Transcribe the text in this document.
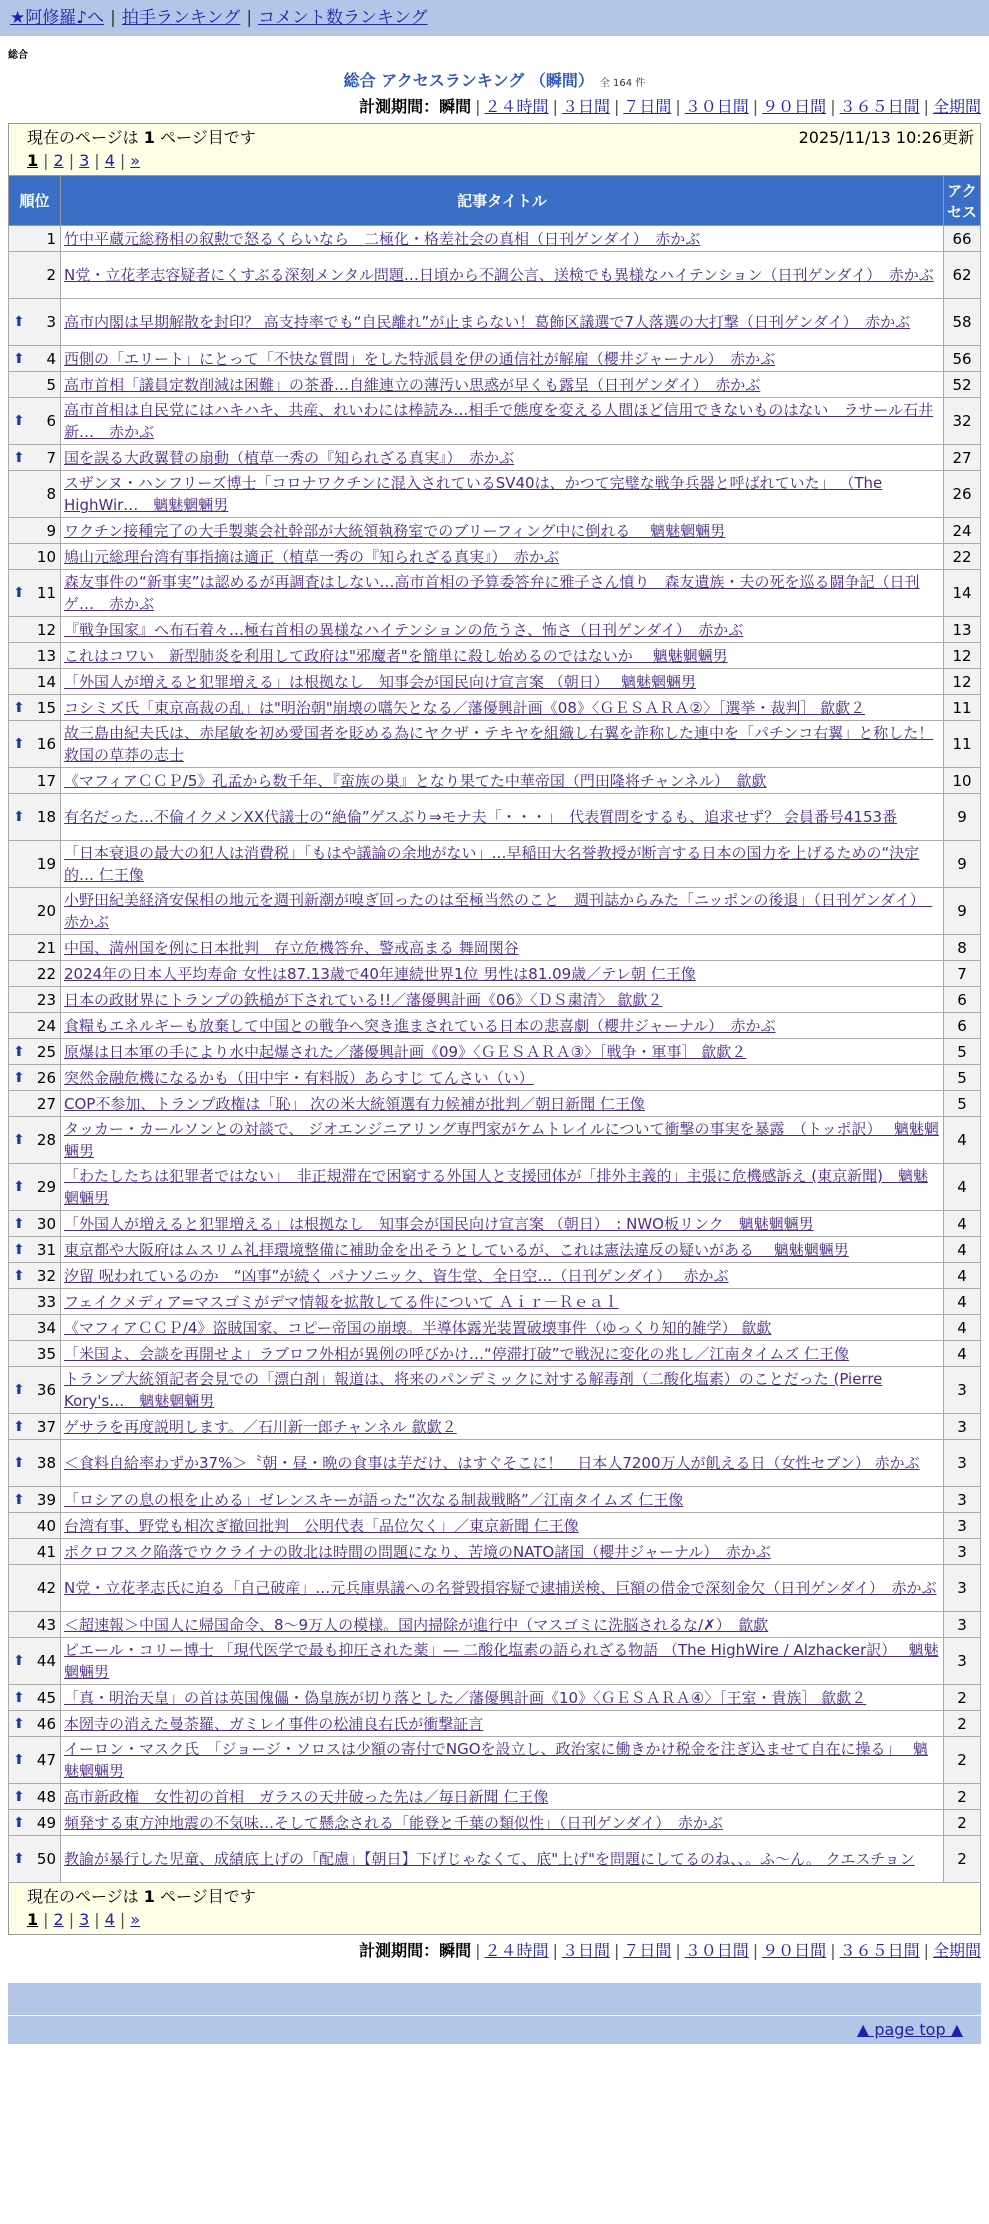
★阿修羅♪へ | 拍手ランキング | コメント数ランキング
総合
総合 アクセスランキング （瞬間） 全 164 件
計測期間：瞬間 | ２４時間 | ３日間 | ７日間 | ３０日間 | ９０日間 | ３６５日間 | 全期間
現在のページは 1 ページ目です	2025/11/13 10:26更新
1 | 2 | 3 | 4 | »
順位	記事タイトル	アクセス
1	竹中平蔵元総務相の叙勲で怒るくらいなら　二極化・格差社会の真相（日刊ゲンダイ）　赤かぶ	66
2	N党・立花孝志容疑者にくすぶる深刻メンタル問題…日頃から不調公言、送検でも異様なハイテンション（日刊ゲンダイ）　赤かぶ	62

⬆ 3	高市内閣は早期解散を封印？ 高支持率でも“自民離れ”が止まらない！葛飾区議選で7人落選の大打撃（日刊ゲンダイ）　赤かぶ	58

⬆ 4	西側の「エリート」にとって「不快な質問」をした特派員を伊の通信社が解雇（櫻井ジャーナル）　赤かぶ	56
5	高市首相「議員定数削減は困難」の茶番…自維連立の薄汚い思惑が早くも露呈（日刊ゲンダイ）　赤かぶ	52

⬆ 6	高市首相は自民党にはハキハキ、共産、れいわには棒読み…相手で態度を変える人間ほど信用できないものはない　ラサール石井 新…　赤かぶ	32

⬆ 7	国を誤る大政翼賛の扇動（植草一秀の『知られざる真実』）　赤かぶ	27
8	スザンヌ・ハンフリーズ博士「コロナワクチンに混入されているSV40は、かつて完璧な戦争兵器と呼ばれていた」 （The HighWir…　魑魅魍魎男	26
9	ワクチン接種完了の大手製薬会社幹部が大統領執務室でのブリーフィング中に倒れる　 魑魅魍魎男	24
10	鳩山元総理台湾有事指摘は適正（植草一秀の『知られざる真実』）　赤かぶ	22

⬆ 11	森友事件の“新事実”は認めるが再調査はしない…高市首相の予算委答弁に雅子さん憤り　森友遺族・夫の死を巡る闘争記（日刊ゲ…　赤かぶ	14
12	『戦争国家』へ布石着々…極右首相の異様なハイテンションの危うさ、怖さ（日刊ゲンダイ）　赤かぶ	13
13	これはコワい　新型肺炎を利用して政府は"邪魔者"を簡単に殺し始めるのではないか　 魑魅魍魎男	12
14	「外国人が増えると犯罪増える」は根拠なし　知事会が国民向け宣言案 （朝日）　 魑魅魍魎男	12

⬆ 15	コシミズ氏「東京高裁の乱」は"明治朝"崩壊の嚆矢となる／藩優興計画《08》〈ＧＥＳＡＲＡ②〉［選挙・裁判］ 歙歔２	11

⬆ 16	故三島由紀夫氏は、赤尾敏を初め愛国者を貶める為にヤクザ・テキヤを組織し右翼を詐称した連中を「パチンコ右翼」と称した！ 救国の草莽の志士	11
17	《マフィアＣＣＰ/5》孔孟から数千年、『蛮族の巣』となり果てた中華帝国（門田隆将チャンネル）　歙歔	10

⬆ 18	有名だった…不倫イクメンXX代議士の“絶倫”ゲスぶり⇒モナ夫「・・・」　代表質問をするも、追求せず？ 会員番号4153番	9
19	「日本衰退の最大の犯人は消費税」「もはや議論の余地がない」…早稲田大名誉教授が断言する日本の国力を上げるための“決定的… 仁王像	9
20	小野田紀美経済安保相の地元を週刊新潮が嗅ぎ回ったのは至極当然のこと　週刊誌からみた「ニッポンの後退」（日刊ゲンダイ）　赤かぶ	9
21	中国、満州国を例に日本批判　存立危機答弁、警戒高まる 舞岡関谷	8
22	2024年の日本人平均寿命 女性は87.13歳で40年連続世界1位 男性は81.09歳／テレ朝 仁王像	7
23	日本の政財界にトランプの鉄槌が下されている!!／藩優興計画《06》〈ＤＳ粛清〉 歙歔２	6
24	食糧もエネルギーも放棄して中国との戦争へ突き進まされている日本の悲喜劇（櫻井ジャーナル）　赤かぶ	6

⬆ 25	原爆は日本軍の手により水中起爆された／藩優興計画《09》〈ＧＥＳＡＲＡ③〉［戦争・軍事］ 歙歔２	5

⬆ 26	突然金融危機になるかも（田中宇・有料版）あらすじ てんさい（い）	5
27	COP不参加、トランプ政権は「恥」 次の米大統領選有力候補が批判／朝日新聞 仁王像	5

⬆ 28	タッカー・カールソンとの対談で、 ジオエンジニアリング専門家がケムトレイルについて衝撃の事実を暴露　（トッポ訳）　 魑魅魍魎男	4

⬆ 29	「わたしたちは犯罪者ではない」　非正規滞在で困窮する外国人と支援団体が「排外主義的」主張に危機感訴え (東京新聞)　魑魅魍魎男	4

⬆ 30	「外国人が増えると犯罪増える」は根拠なし　知事会が国民向け宣言案 （朝日）　: NWO板リンク　魑魅魍魎男	4

⬆ 31	東京都や大阪府はムスリム礼拝環境整備に補助金を出そうとしているが、これは憲法違反の疑いがある　 魑魅魍魎男	4

⬆ 32	汐留 呪われているのか　“凶事”が続く パナソニック、資生堂、全日空…（日刊ゲンダイ）　 赤かぶ	4
33	フェイクメディア=マスゴミがデマ情報を拡散してる件について Ａｉｒ－Ｒｅａｌ	4
34	《マフィアＣＣＰ/4》盗賊国家、コピー帝国の崩壊。半導体露光装置破壊事件（ゆっくり知的雑学） 歙歔	4
35	「米国よ、会談を再開せよ」ラブロフ外相が異例の呼びかけ…“停滞打破”で戦況に変化の兆し／江南タイムズ 仁王像	4

⬆ 36	トランプ大統領記者会見での「漂白剤」報道は、将来のパンデミックに対する解毒剤（二酸化塩素）のことだった (Pierre Kory's…　魑魅魍魎男	3

⬆ 37	ゲサラを再度説明します。／石川新一郎チャンネル 歙歔２	3

⬆ 38	＜食料自給率わずか37%＞〝朝・昼・晩の食事は芋だけ、はすぐそこに！　日本人7200万人が飢える日（女性セブン） 赤かぶ	3

⬆ 39	「ロシアの息の根を止める」ゼレンスキーが語った“次なる制裁戦略”／江南タイムズ 仁王像	3
40	台湾有事、野党も相次ぎ撤回批判　公明代表「品位欠く」／東京新聞 仁王像	3
41	ポクロフスク陥落でウクライナの敗北は時間の問題になり、苦境のNATO諸国（櫻井ジャーナル）　赤かぶ	3
42	N党・立花孝志氏に迫る「自己破産」…元兵庫県議への名誉毀損容疑で逮捕送検、巨額の借金で深刻金欠（日刊ゲンダイ）　赤かぶ	3
43	＜超速報＞中国人に帰国命令、8～9万人の模様。国内掃除が進行中（マスゴミに洗脳されるな/✗）　歙歔	3

⬆ 44	ピエール・コリー博士 「現代医学で最も抑圧された薬」― 二酸化塩素の語られざる物語 （The HighWire / Alzhacker訳）　 魑魅魍魎男	3

⬆ 45	「真・明治天皇」の首は英国傀儡・偽皇族が切り落とした／藩優興計画《10》〈ＧＥＳＡＲＡ④〉［王室・貴族］ 歙歔２	2

⬆ 46	本圀寺の消えた曼荼羅、ガミレイ事件の松浦良右氏が衝撃証言	2

⬆ 47	イーロン・マスク氏　「ジョージ・ソロスは少額の寄付でNGOを設立し、政治家に働きかけ税金を注ぎ込ませて自在に操る」　 魑魅魍魎男	2

⬆ 48	高市新政権　女性初の首相　ガラスの天井破った先は／毎日新聞 仁王像	2

⬆ 49	頻発する東方沖地震の不気味…そして懸念される「能登と千葉の類似性」（日刊ゲンダイ）　赤かぶ	2

⬆ 50	教諭が暴行した児童、成績底上げの「配慮」【朝日】下げじゃなくて、底"上げ"を問題にしてるのね、、。ふ～ん。 クエスチョン	2
現在のページは 1 ページ目です
1 | 2 | 3 | 4 | »
計測期間：瞬間 | ２４時間 | ３日間 | ７日間 | ３０日間 | ９０日間 | ３６５日間 | 全期間
▲ page top ▲
